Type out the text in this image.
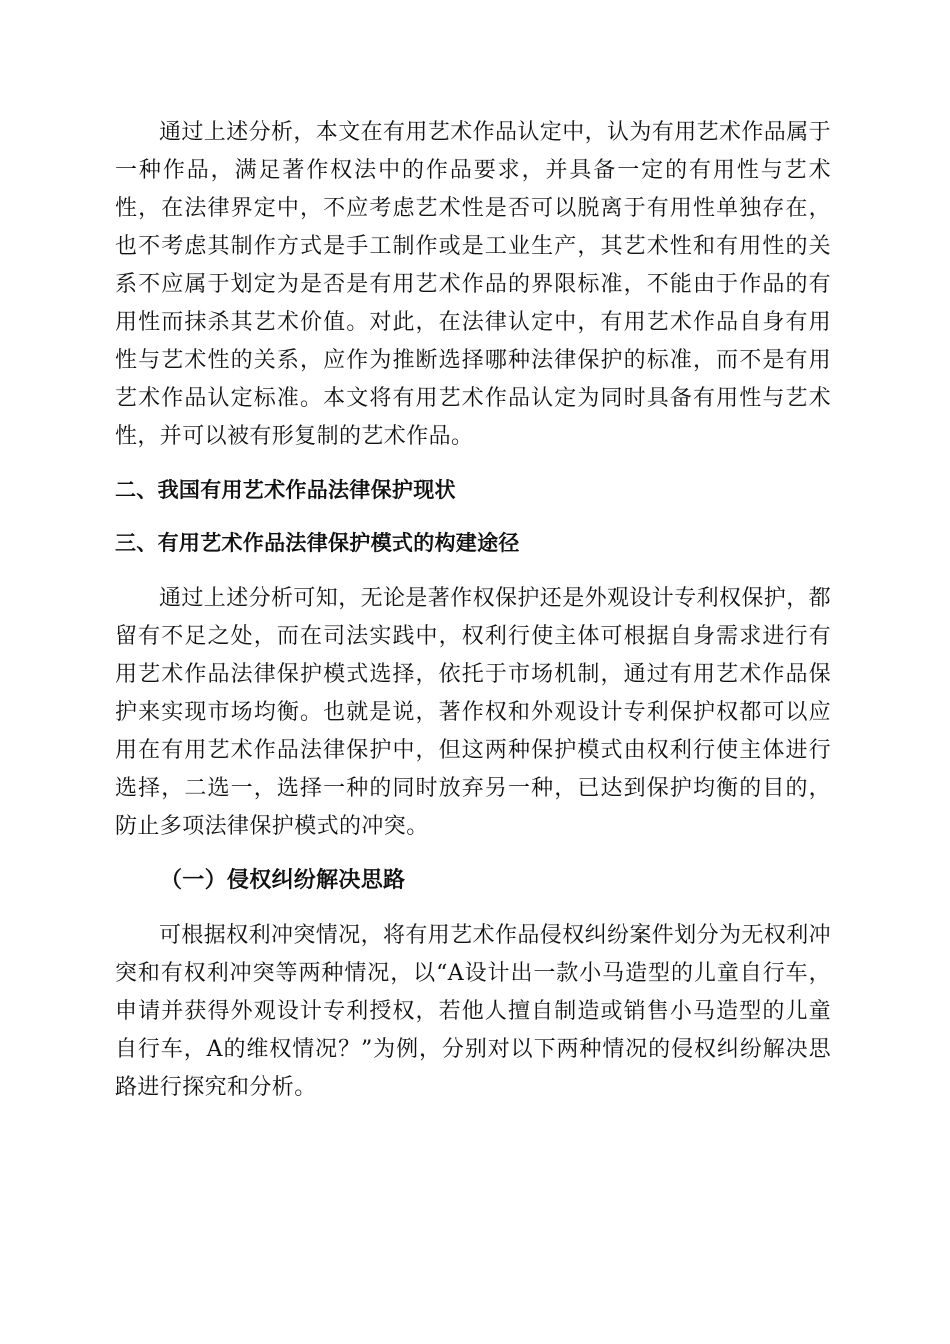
通过上述分析，本文在有用艺术作品认定中，认为有用艺术作品属于一种作品，满足著作权法中的作品要求，并具备一定的有用性与艺术性，在法律界定中，不应考虑艺术性是否可以脱离于有用性单独存在，也不考虑其制作方式是手工制作或是工业生产，其艺术性和有用性的关系不应属于划定为是否是有用艺术作品的界限标准，不能由于作品的有用性而抹杀其艺术价值。对此，在法律认定中，有用艺术作品自身有用性与艺术性的关系，应作为推断选择哪种法律保护的标准，而不是有用艺术作品认定标准。本文将有用艺术作品认定为同时具备有用性与艺术性，并可以被有形复制的艺术作品。

二、我国有用艺术作品法律保护现状
三、有用艺术作品法律保护模式的构建途径

通过上述分析可知，无论是著作权保护还是外观设计专利权保护，都留有不足之处，而在司法实践中，权利行使主体可根据自身需求进行有用艺术作品法律保护模式选择，依托于市场机制，通过有用艺术作品保护来实现市场均衡。也就是说，著作权和外观设计专利保护权都可以应用在有用艺术作品法律保护中，但这两种保护模式由权利行使主体进行选择，二选一，选择一种的同时放弃另一种，已达到保护均衡的目的，防止多项法律保护模式的冲突。

（一）侵权纠纷解决思路

可根据权利冲突情况，将有用艺术作品侵权纠纷案件划分为无权利冲突和有权利冲突等两种情况，以“A设计出一款小马造型的儿童自行车，申请并获得外观设计专利授权，若他人擅自制造或销售小马造型的儿童自行车，A的维权情况？”为例，分别对以下两种情况的侵权纠纷解决思路进行探究和分析。
